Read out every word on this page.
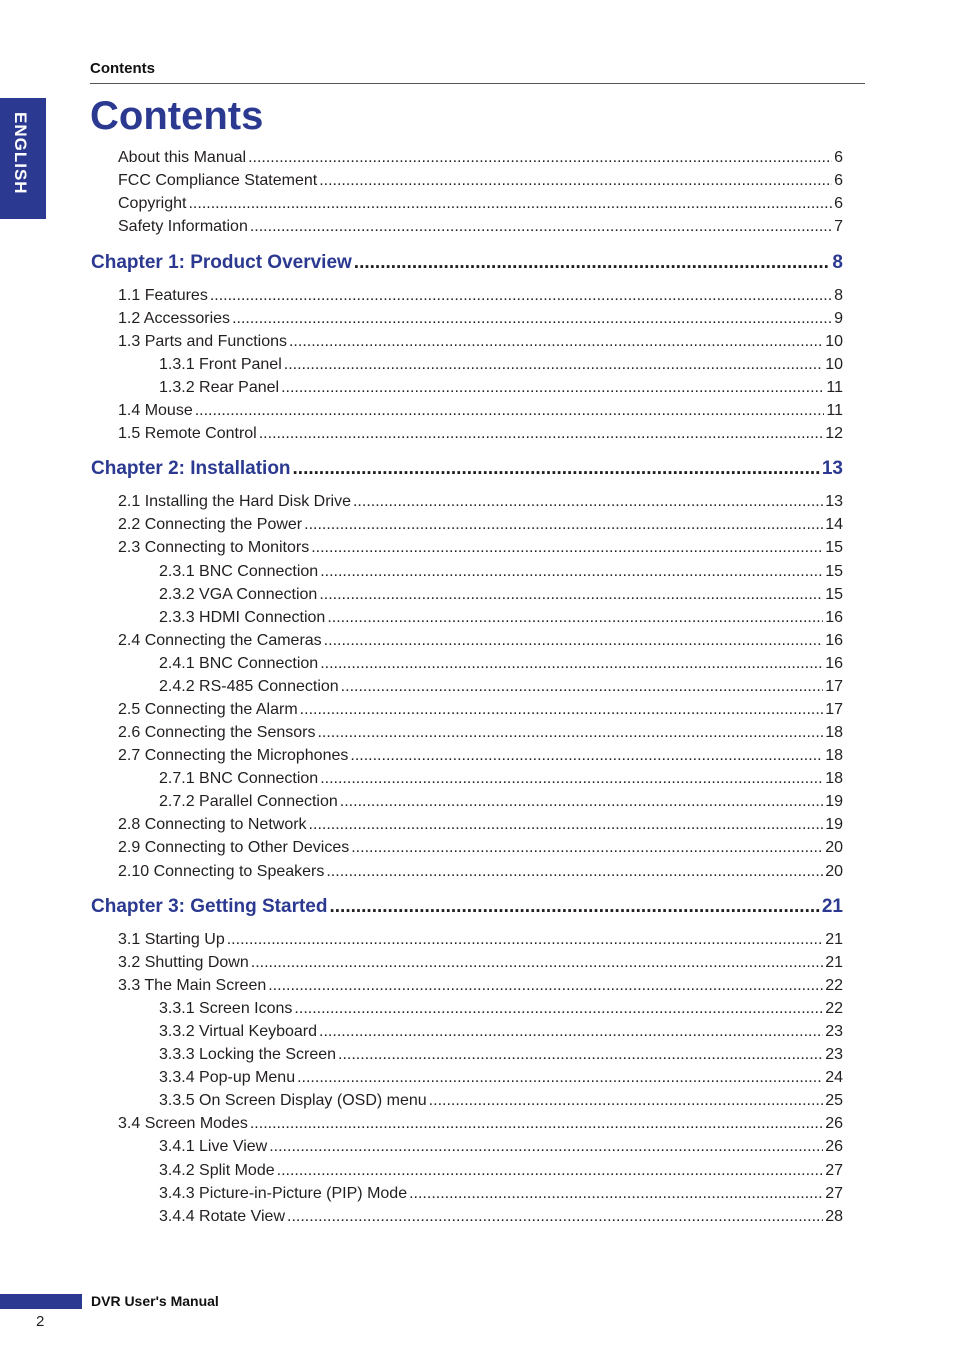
Contents
ENGLISH Contents
About this Manual .....	6
FCC Compliance Statement .....	6
Copyright .....	6
Safety Information .....	7
Chapter 1: Product Overview .....	8
1.1 Features .....	8
1.2 Accessories .....	9
1.3 Parts and Functions .....	10
1.3.1 Front Panel .....	10
1.3.2 Rear Panel .....	11
1.4 Mouse .....	11
1.5 Remote Control .....	12
Chapter 2: Installation .....	13
2.1 Installing the Hard Disk Drive .....	13
2.2 Connecting the Power .....	14
2.3 Connecting to Monitors .....	15
2.3.1 BNC Connection .....	15
2.3.2 VGA Connection .....	15
2.3.3 HDMI Connection .....	16
2.4 Connecting the Cameras .....	16
2.4.1 BNC Connection .....	16
2.4.2 RS-485 Connection .....	17
2.5 Connecting the Alarm .....	17
2.6 Connecting the Sensors .....	18
2.7 Connecting the Microphones .....	18
2.7.1 BNC Connection .....	18
2.7.2 Parallel Connection .....	19
2.8 Connecting to Network .....	19
2.9 Connecting to Other Devices .....	20
2.10 Connecting to Speakers .....	20
Chapter 3: Getting Started .....	21
3.1 Starting Up .....	21
3.2 Shutting Down .....	21
3.3 The Main Screen .....	22
3.3.1 Screen Icons .....	22
3.3.2 Virtual Keyboard .....	23
3.3.3 Locking the Screen .....	23
3.3.4 Pop-up Menu .....	24
3.3.5 On Screen Display (OSD) menu .....	25
3.4 Screen Modes .....	26
3.4.1 Live View .....	26
3.4.2 Split Mode .....	27
3.4.3 Picture-in-Picture (PIP) Mode .....	27
3.4.4 Rotate View .....	28
DVR User's Manual
2
